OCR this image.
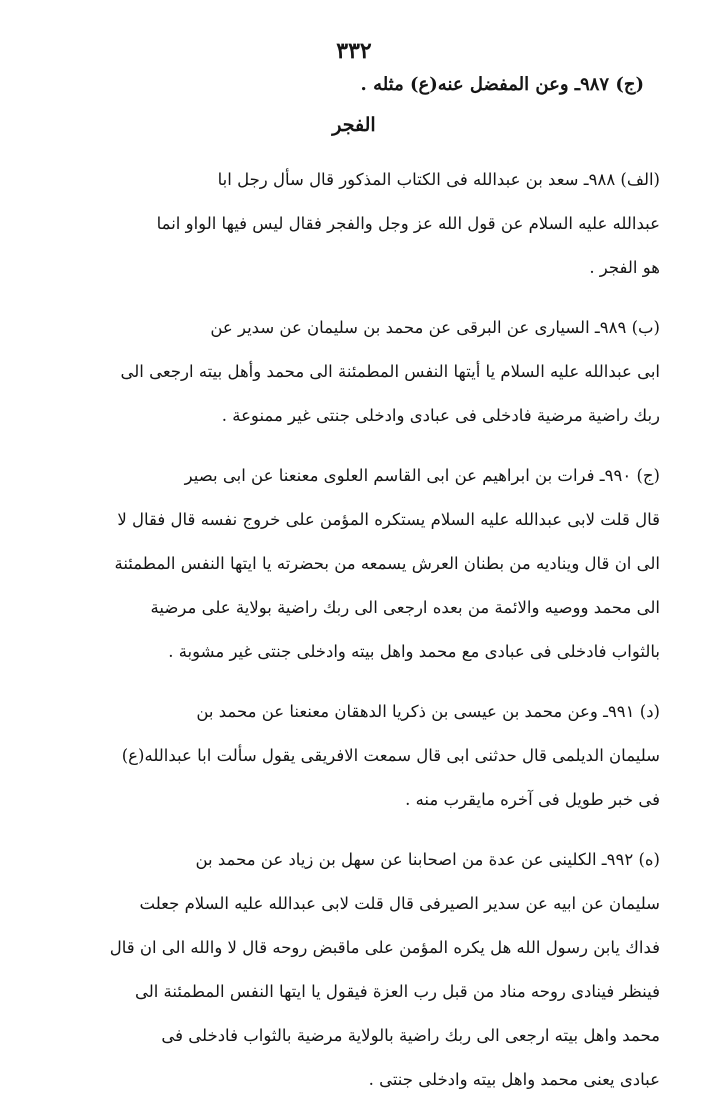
٣٣٢
(ج) ٩٨٧ـ وعن المفضل عنه(ع) مثله .
الفجر
(الف) ٩٨٨ـ سعد بن عبدالله فی الکتاب المذکور قال سأل رجل ابا
عبدالله علیه السلام عن قول الله عز وجل والفجر فقال لیس فیها الواو انما
هو الفجر .
(ب) ٩٨٩ـ السیاری عن البرقی عن محمد بن سلیمان عن سدیر عن
ابی عبدالله علیه السلام یا أیتها النفس المطمئنة الی محمد وأهل بیته ارجعی الی
ربك راضیة مرضیة فادخلی فی عبادی وادخلی جنتی غیر ممنوعة .
(ج) ٩٩٠ـ فرات بن ابراهیم عن ابی القاسم العلوی معنعنا عن ابی بصیر
قال قلت لابی عبدالله علیه السلام یستکره المؤمن علی خروج نفسه قال فقال لا
الی ان قال وینادیه من بطنان العرش یسمعه من بحضرته یا ایتها النفس المطمئنة
الی محمد ووصیه والائمة من بعده ارجعی الی ربك راضیة بولایة علی مرضیة
بالثواب فادخلی فی عبادی مع محمد واهل بیته وادخلی جنتی غیر مشوبة .
(د) ٩٩١ـ وعن محمد بن عیسی بن ذکریا الدهقان معنعنا عن محمد بن
سلیمان الدیلمی قال حدثنی ابی قال سمعت الافریقی یقول سألت ابا عبدالله(ع)
فی خبر طویل فی آخره مایقرب منه .
(ه) ٩٩٢ـ الکلینی عن عدة من اصحابنا عن سهل بن زیاد عن محمد بن
سلیمان عن ابیه عن سدیر الصیرفی قال قلت لابی عبدالله علیه السلام جعلت
فداك یابن رسول الله هل یکره المؤمن علی ماقبض روحه قال لا والله الی ان قال
فینظر فینادی روحه مناد من قبل رب العزة فیقول یا ایتها النفس المطمئنة الی
محمد واهل بیته ارجعی الی ربك راضیة بالولایة مرضیة بالثواب فادخلی فی
عبادی یعنی محمد واهل بیته وادخلی جنتی .
